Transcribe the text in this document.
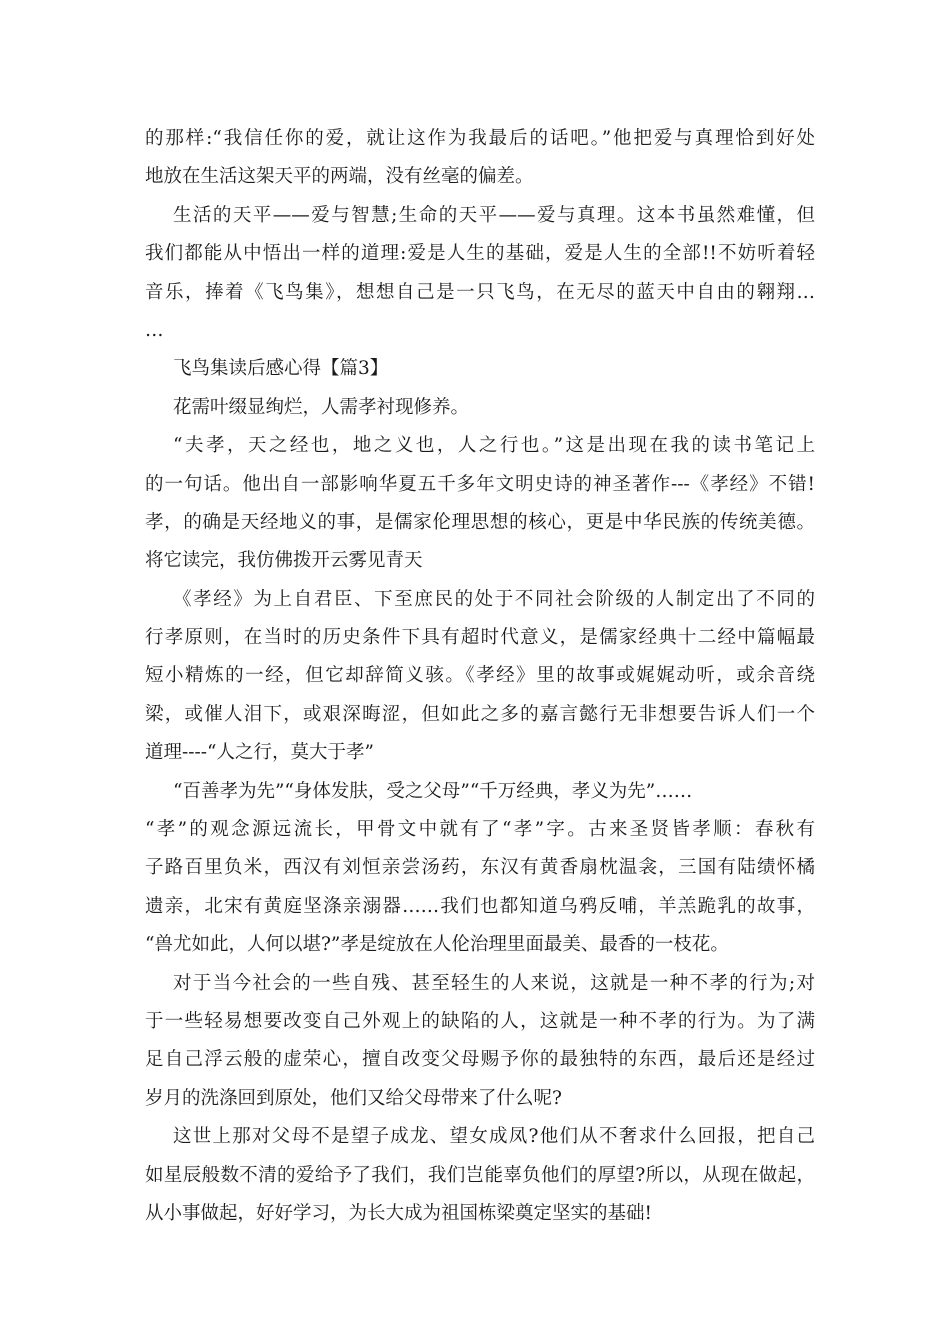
的那样:“我信任你的爱，就让这作为我最后的话吧。”他把爱与真理恰到好处
地放在生活这架天平的两端，没有丝毫的偏差。
生活的天平——爱与智慧;生命的天平——爱与真理。这本书虽然难懂，但
我们都能从中悟出一样的道理:爱是人生的基础，爱是人生的全部!!不妨听着轻
音乐，捧着《飞鸟集》，想想自己是一只飞鸟，在无尽的蓝天中自由的翱翔…
…
飞鸟集读后感心得【篇3】
花需叶缀显绚烂，人需孝衬现修养。
“夫孝，天之经也，地之义也，人之行也。”这是出现在我的读书笔记上
的一句话。他出自一部影响华夏五千多年文明史诗的神圣著作---《孝经》不错!
孝，的确是天经地义的事，是儒家伦理思想的核心，更是中华民族的传统美德。
将它读完，我仿佛拨开云雾见青天
《孝经》为上自君臣、下至庶民的处于不同社会阶级的人制定出了不同的
行孝原则，在当时的历史条件下具有超时代意义，是儒家经典十二经中篇幅最
短小精炼的一经，但它却辞简义骇。《孝经》里的故事或娓娓动听，或余音绕
梁，或催人泪下，或艰深晦涩，但如此之多的嘉言懿行无非想要告诉人们一个
道理----“人之行，莫大于孝”
“百善孝为先”“身体发肤，受之父母”“千万经典，孝义为先”……
“孝”的观念源远流长，甲骨文中就有了“孝”字。古来圣贤皆孝顺：春秋有
子路百里负米，西汉有刘恒亲尝汤药，东汉有黄香扇枕温衾，三国有陆绩怀橘
遗亲，北宋有黄庭坚涤亲溺器……我们也都知道乌鸦反哺，羊羔跪乳的故事，
“兽尤如此，人何以堪?”孝是绽放在人伦治理里面最美、最香的一枝花。
对于当今社会的一些自残、甚至轻生的人来说，这就是一种不孝的行为;对
于一些轻易想要改变自己外观上的缺陷的人，这就是一种不孝的行为。为了满
足自己浮云般的虚荣心，擅自改变父母赐予你的最独特的东西，最后还是经过
岁月的洗涤回到原处，他们又给父母带来了什么呢?
这世上那对父母不是望子成龙、望女成凤?他们从不奢求什么回报，把自己
如星辰般数不清的爱给予了我们，我们岂能辜负他们的厚望?所以，从现在做起，
从小事做起，好好学习，为长大成为祖国栋梁奠定坚实的基础!
